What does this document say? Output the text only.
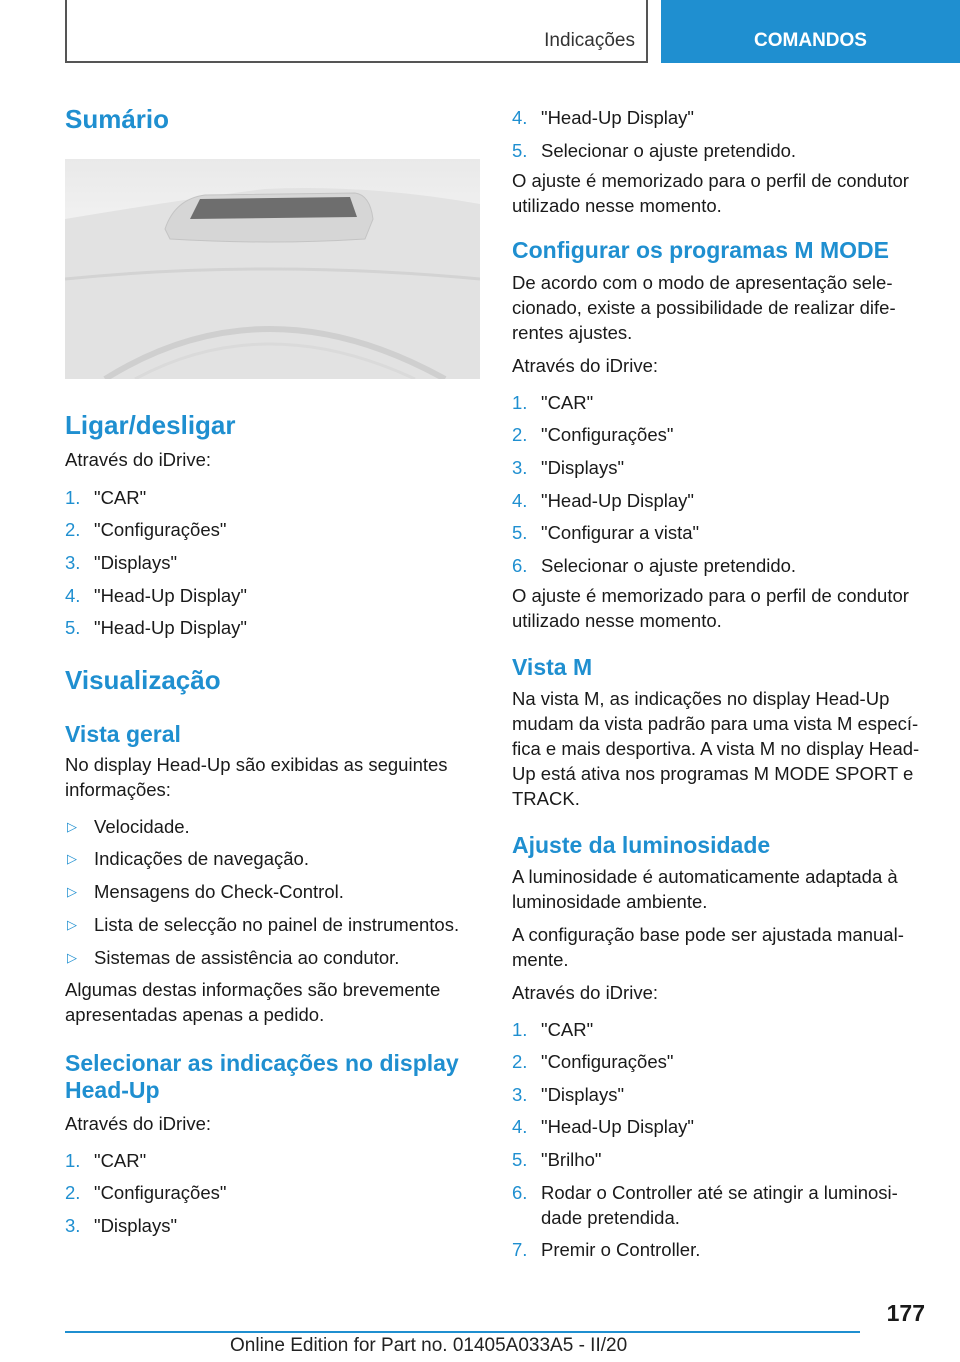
Indicações	COMANDOS
Sumário
Ligar/desligar

Através do iDrive:

1. "CAR"
2. "Configurações"
3. "Displays"
4. "Head-Up Display"
5. "Head-Up Display"
Visualização
Vista geral

No display Head-Up são exibidas as seguintes informações:

▷ Velocidade.
▷ Indicações de navegação.
▷ Mensagens do Check-Control.
▷ Lista de selecção no painel de instrumentos.
▷ Sistemas de assistência ao condutor.

Algumas destas informações são brevemente apresentadas apenas a pedido.

Selecionar as indicações no display Head-Up

Através do iDrive:

1. "CAR"
2. "Configurações"
3. "Displays"
4. "Head-Up Display"
5. Selecionar o ajuste pretendido.

O ajuste é memorizado para o perfil de condutor utilizado nesse momento.

Configurar os programas M MODE

De acordo com o modo de apresentação selecionado, existe a possibilidade de realizar diferentes ajustes.

Através do iDrive:

1. "CAR"
2. "Configurações"
3. "Displays"
4. "Head-Up Display"
5. "Configurar a vista"
6. Selecionar o ajuste pretendido.

O ajuste é memorizado para o perfil de condutor utilizado nesse momento.

Vista M

Na vista M, as indicações no display Head-Up mudam da vista padrão para uma vista M específica e mais desportiva. A vista M no display Head-Up está ativa nos programas M MODE SPORT e TRACK.

Ajuste da luminosidade

A luminosidade é automaticamente adaptada à luminosidade ambiente.

A configuração base pode ser ajustada manualmente.

Através do iDrive:

1. "CAR"
2. "Configurações"
3. "Displays"
4. "Head-Up Display"
5. "Brilho"
6. Rodar o Controller até se atingir a luminosidade pretendida.
7. Premir o Controller.
177
Online Edition for Part no. 01405A033A5 - II/20
